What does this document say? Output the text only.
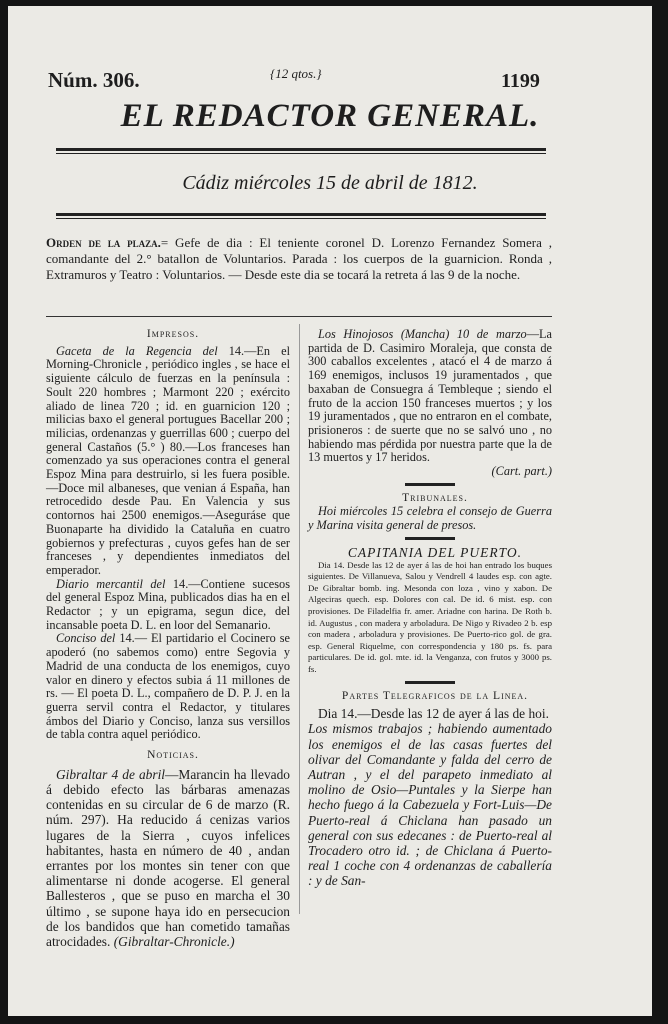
Núm. 306.	{12 qtos.}	1199
EL REDACTOR GENERAL.
Cádiz miércoles 15 de abril de 1812.
Orden de la plaza.= Gefe de dia : El teniente coronel D. Lorenzo Fernandez Somera , comandante del 2.° batallon de Voluntarios. Parada : los cuerpos de la guarnicion. Ronda , Extramuros y Teatro : Voluntarios. — Desde este dia se tocará la retreta á las 9 de la noche.

Impresos.

Gaceta de la Regencia del 14.—En el Morning-Chronicle , periódico ingles , se hace el siguiente cálculo de fuerzas en la península : Soult 220 hombres ; Marmont 220 ; exército aliado de linea 720 ; id. en guarnicion 120 ; milicias baxo el general portugues Bacellar 200 ; milicias, ordenanzas y guerrillas 600 ; cuerpo del general Castaños (5.° ) 80.—Los franceses han comenzado ya sus operaciones contra el general Espoz Mina para destruirlo, si les fuera posible.—Doce mil albaneses, que venian á España, han retrocedido desde Pau. En Valencia y sus contornos hai 2500 enemigos.—Aseguráse que Buonaparte ha dividido la Cataluña en cuatro gobiernos y prefecturas , cuyos gefes han de ser franceses , y dependientes inmediatos del emperador.

Diario mercantil del 14.—Contiene sucesos del general Espoz Mina, publicados dias ha en el Redactor ; y un epigrama, segun dice, del incansable poeta D. L. en loor del Semanario.

Conciso del 14.— El partidario el Cocinero se apoderó (no sabemos como) entre Segovia y Madrid de una conducta de los enemigos, cuyo valor en dinero y efectos subia á 11 millones de rs. — El poeta D. L., compañero de D. P. J. en la guerra servil contra el Redactor, y titulares ámbos del Diario y Conciso, lanza sus versillos de tabla contra aquel periódico.

Noticias.

Gibraltar 4 de abril—Marancin ha llevado á debido efecto las bárbaras amenazas contenidas en su circular de 6 de marzo (R. núm. 297). Ha reducido á cenizas varios lugares de la Sierra , cuyos infelices habitantes, hasta en número de 40 , andan errantes por los montes sin tener con que alimentarse ni donde acogerse. El general Ballesteros , que se puso en marcha el 30 último , se supone haya ido en persecucion de los bandidos que han cometido tamañas atrocidades. (Gibraltar-Chronicle.)

Los Hinojosos (Mancha) 10 de marzo—La partida de D. Casimiro Moraleja, que consta de 300 caballos excelentes , atacó el 4 de marzo á 169 enemigos, inclusos 19 juramentados , que baxaban de Consuegra á Tembleque ; siendo el fruto de la accion 150 franceses muertos ; y los 19 juramentados , que no entraron en el combate, prisioneros : de suerte que no se salvó uno , no habiendo mas pérdida por nuestra parte que la de 13 muertos y 17 heridos.

(Cart. part.)

Tribunales.

Hoi miércoles 15 celebra el consejo de Guerra y Marina visita general de presos.

CAPITANIA DEL PUERTO.

Dia 14. Desde las 12 de ayer á las de hoi han entrado los buques siguientes. De Villanueva, Salou y Vendrell 4 laudes esp. con agte. De Gibraltar bomb. ing. Mesonda con loza , vino y xabon. De Algeciras quech. esp. Dolores con cal. De id. 6 mist. esp. con provisiones. De Filadelfia fr. amer. Ariadne con harina. De Roth b. id. Augustus , con madera y arboladura. De Nigo y Rivadeo 2 b. esp con madera , arboladura y provisiones. De Puerto-rico gol. de gra. esp. General Riquelme, con correspondencia y 180 ps. fs. para particulares. De id. gol. mte. id. la Venganza, con frutos y 3000 ps. fs.

Partes Telegraficos de la Linea.

Dia 14.—Desde las 12 de ayer á las de hoi.

Los mismos trabajos ; habiendo aumentado los enemigos el de las casas fuertes del olivar del Comandante y falda del cerro de Autran , y el del parapeto inmediato al molino de Osio—Puntales y la Sierpe han hecho fuego á la Cabezuela y Fort-Luis—De Puerto-real á Chiclana han pasado un general con sus edecanes : de Puerto-real al Trocadero otro id. ; de Chiclana á Puerto-real 1 coche con 4 ordenanzas de caballería : y de San-
